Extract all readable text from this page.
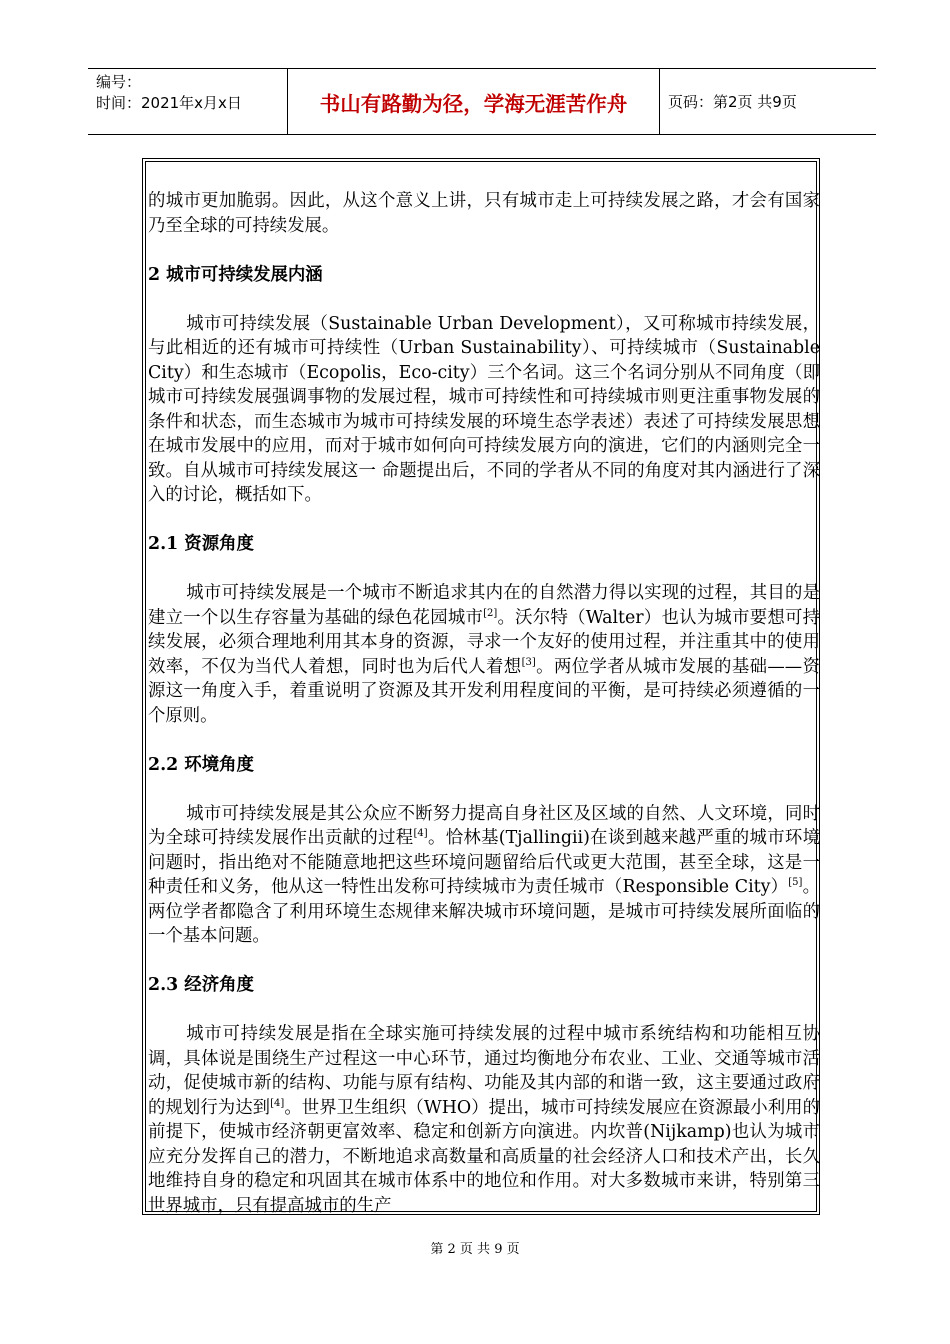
编号：
时间：2021年x月x日	书山有路勤为径，学海无涯苦作舟	页码：第2页 共9页

的城市更加脆弱。因此，从这个意义上讲，只有城市走上可持续发展之路，才会有国家乃至全球的可持续发展。

2 城市可持续发展内涵

城市可持续发展（Sustainable Urban Development），又可称城市持续发展，与此相近的还有城市可持续性（Urban Sustainability）、可持续城市（Sustainable City）和生态城市（Ecopolis，Eco-city）三个名词。这三个名词分别从不同角度（即城市可持续发展强调事物的发展过程，城市可持续性和可持续城市则更注重事物发展的条件和状态，而生态城市为城市可持续发展的环境生态学表述）表述了可持续发展思想在城市发展中的应用，而对于城市如何向可持续发展方向的演进，它们的内涵则完全一致。自从城市可持续发展这一 命题提出后，不同的学者从不同的角度对其内涵进行了深入的讨论，概括如下。

2.1 资源角度

城市可持续发展是一个城市不断追求其内在的自然潜力得以实现的过程，其目的是建立一个以生存容量为基础的绿色花园城市[2]。沃尔特（Walter）也认为城市要想可持续发展，必须合理地利用其本身的资源，寻求一个友好的使用过程，并注重其中的使用效率，不仅为当代人着想，同时也为后代人着想[3]。两位学者从城市发展的基础——资源这一角度入手，着重说明了资源及其开发利用程度间的平衡，是可持续必须遵循的一个原则。

2.2 环境角度

城市可持续发展是其公众应不断努力提高自身社区及区域的自然、人文环境，同时为全球可持续发展作出贡献的过程[4]。恰林基(Tjallingii)在谈到越来越严重的城市环境问题时，指出绝对不能随意地把这些环境问题留给后代或更大范围，甚至全球，这是一种责任和义务，他从这一特性出发称可持续城市为责任城市（Responsible City）[5]。两位学者都隐含了利用环境生态规律来解决城市环境问题，是城市可持续发展所面临的一个基本问题。

2.3 经济角度

城市可持续发展是指在全球实施可持续发展的过程中城市系统结构和功能相互协调，具体说是围绕生产过程这一中心环节，通过均衡地分布农业、工业、交通等城市活动，促使城市新的结构、功能与原有结构、功能及其内部的和谐一致，这主要通过政府的规划行为达到[4]。世界卫生组织（WHO）提出，城市可持续发展应在资源最小利用的前提下，使城市经济朝更富效率、稳定和创新方向演进。内坎普(Nijkamp)也认为城市应充分发挥自己的潜力，不断地追求高数量和高质量的社会经济人口和技术产出，长久地维持自身的稳定和巩固其在城市体系中的地位和作用。对大多数城市来讲，特别第三世界城市，只有提高城市的生产

第 2 页 共 9 页
